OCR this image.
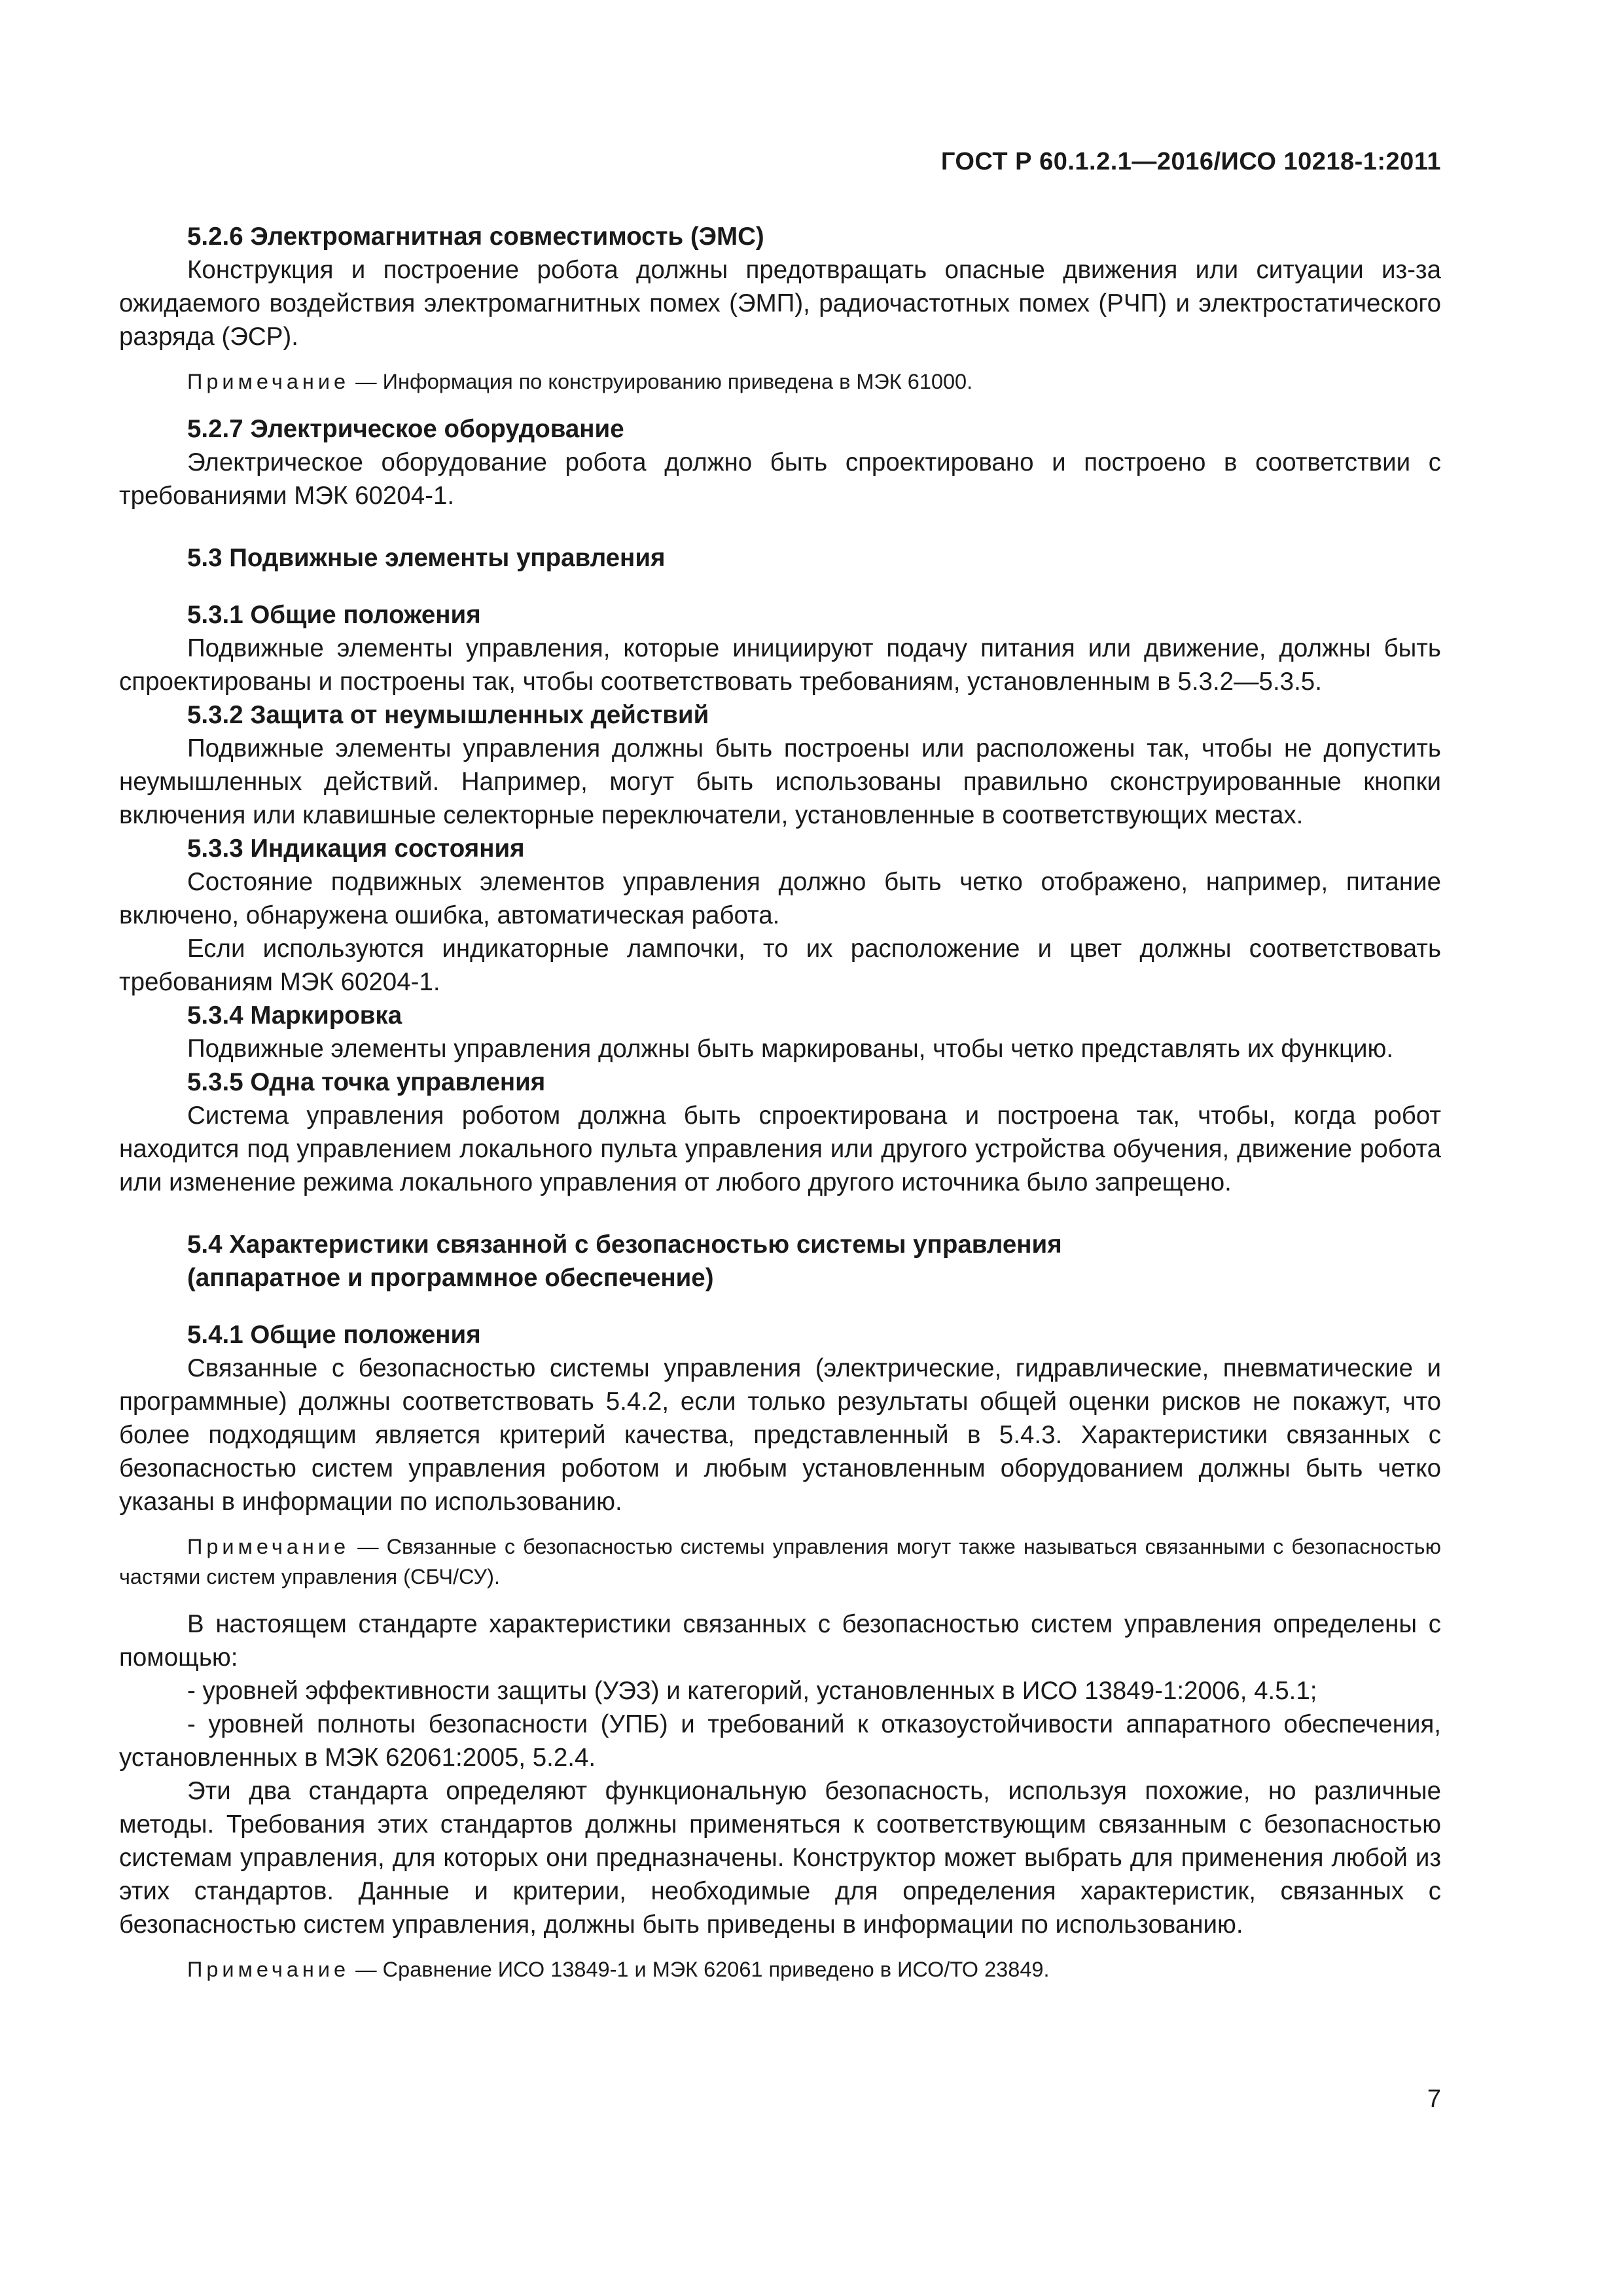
ГОСТ Р 60.1.2.1—2016/ИСО 10218-1:2011

5.2.6 Электромагнитная совместимость (ЭМС)

Конструкция и построение робота должны предотвращать опасные движения или ситуации из-за ожидаемого воздействия электромагнитных помех (ЭМП), радиочастотных помех (РЧП) и электростатического разряда (ЭСР).

Примечание — Информация по конструированию приведена в МЭК 61000.

5.2.7 Электрическое оборудование

Электрическое оборудование робота должно быть спроектировано и построено в соответствии с требованиями МЭК 60204-1.

5.3 Подвижные элементы управления

5.3.1 Общие положения

Подвижные элементы управления, которые инициируют подачу питания или движение, должны быть спроектированы и построены так, чтобы соответствовать требованиям, установленным в 5.3.2—5.3.5.

5.3.2 Защита от неумышленных действий

Подвижные элементы управления должны быть построены или расположены так, чтобы не допустить неумышленных действий. Например, могут быть использованы правильно сконструированные кнопки включения или клавишные селекторные переключатели, установленные в соответствующих местах.

5.3.3 Индикация состояния

Состояние подвижных элементов управления должно быть четко отображено, например, питание включено, обнаружена ошибка, автоматическая работа.

Если используются индикаторные лампочки, то их расположение и цвет должны соответствовать требованиям МЭК 60204-1.

5.3.4 Маркировка

Подвижные элементы управления должны быть маркированы, чтобы четко представлять их функцию.

5.3.5 Одна точка управления

Система управления роботом должна быть спроектирована и построена так, чтобы, когда робот находится под управлением локального пульта управления или другого устройства обучения, движение робота или изменение режима локального управления от любого другого источника было запрещено.

5.4 Характеристики связанной с безопасностью системы управления
(аппаратное и программное обеспечение)

5.4.1 Общие положения

Связанные с безопасностью системы управления (электрические, гидравлические, пневматические и программные) должны соответствовать 5.4.2, если только результаты общей оценки рисков не покажут, что более подходящим является критерий качества, представленный в 5.4.3. Характеристики связанных с безопасностью систем управления роботом и любым установленным оборудованием должны быть четко указаны в информации по использованию.

Примечание — Связанные с безопасностью системы управления могут также называться связанными с безопасностью частями систем управления (СБЧ/СУ).

В настоящем стандарте характеристики связанных с безопасностью систем управления определены с помощью:

- уровней эффективности защиты (УЭЗ) и категорий, установленных в ИСО 13849-1:2006, 4.5.1;

- уровней полноты безопасности (УПБ) и требований к отказоустойчивости аппаратного обеспечения, установленных в МЭК 62061:2005, 5.2.4.

Эти два стандарта определяют функциональную безопасность, используя похожие, но различные методы. Требования этих стандартов должны применяться к соответствующим связанным с безопасностью системам управления, для которых они предназначены. Конструктор может выбрать для применения любой из этих стандартов. Данные и критерии, необходимые для определения характеристик, связанных с безопасностью систем управления, должны быть приведены в информации по использованию.

Примечание — Сравнение ИСО 13849-1 и МЭК 62061 приведено в ИСО/ТО 23849.

7
